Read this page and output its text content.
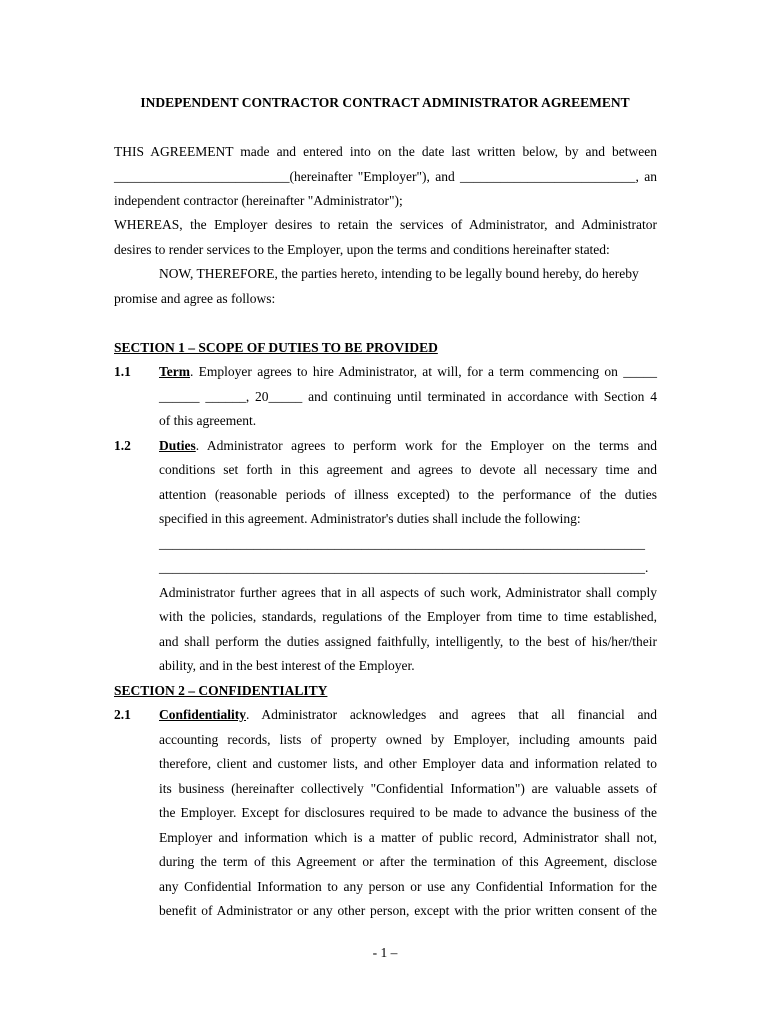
INDEPENDENT CONTRACTOR CONTRACT ADMINISTRATOR AGREEMENT
THIS AGREEMENT made and entered into on the date last written below, by and between
__________________________(hereinafter "Employer"), and __________________________, an
independent contractor (hereinafter "Administrator");
WHEREAS, the Employer desires to retain the services of Administrator, and Administrator
desires to render services to the Employer, upon the terms and conditions hereinafter stated:
NOW, THEREFORE, the parties hereto, intending to be legally bound hereby, do hereby
promise and agree as follows:
SECTION 1 – SCOPE OF DUTIES TO BE PROVIDED
1.1 Term. Employer agrees to hire Administrator, at will, for a term commencing on _____
______ ______, 20_____ and continuing until terminated in accordance with Section 4
of this agreement.
1.2 Duties. Administrator agrees to perform work for the Employer on the terms and
conditions set forth in this agreement and agrees to devote all necessary time and
attention (reasonable periods of illness excepted) to the performance of the duties
specified in this agreement. Administrator's duties shall include the following:
________________________________________________________________________
________________________________________________________________________.
Administrator further agrees that in all aspects of such work, Administrator shall comply
with the policies, standards, regulations of the Employer from time to time established,
and shall perform the duties assigned faithfully, intelligently, to the best of his/her/their
ability, and in the best interest of the Employer.
SECTION 2 – CONFIDENTIALITY
2.1 Confidentiality. Administrator acknowledges and agrees that all financial and
accounting records, lists of property owned by Employer, including amounts paid
therefore, client and customer lists, and other Employer data and information related to
its business (hereinafter collectively "Confidential Information") are valuable assets of
the Employer. Except for disclosures required to be made to advance the business of the
Employer and information which is a matter of public record, Administrator shall not,
during the term of this Agreement or after the termination of this Agreement, disclose
any Confidential Information to any person or use any Confidential Information for the
benefit of Administrator or any other person, except with the prior written consent of the
- 1 –
